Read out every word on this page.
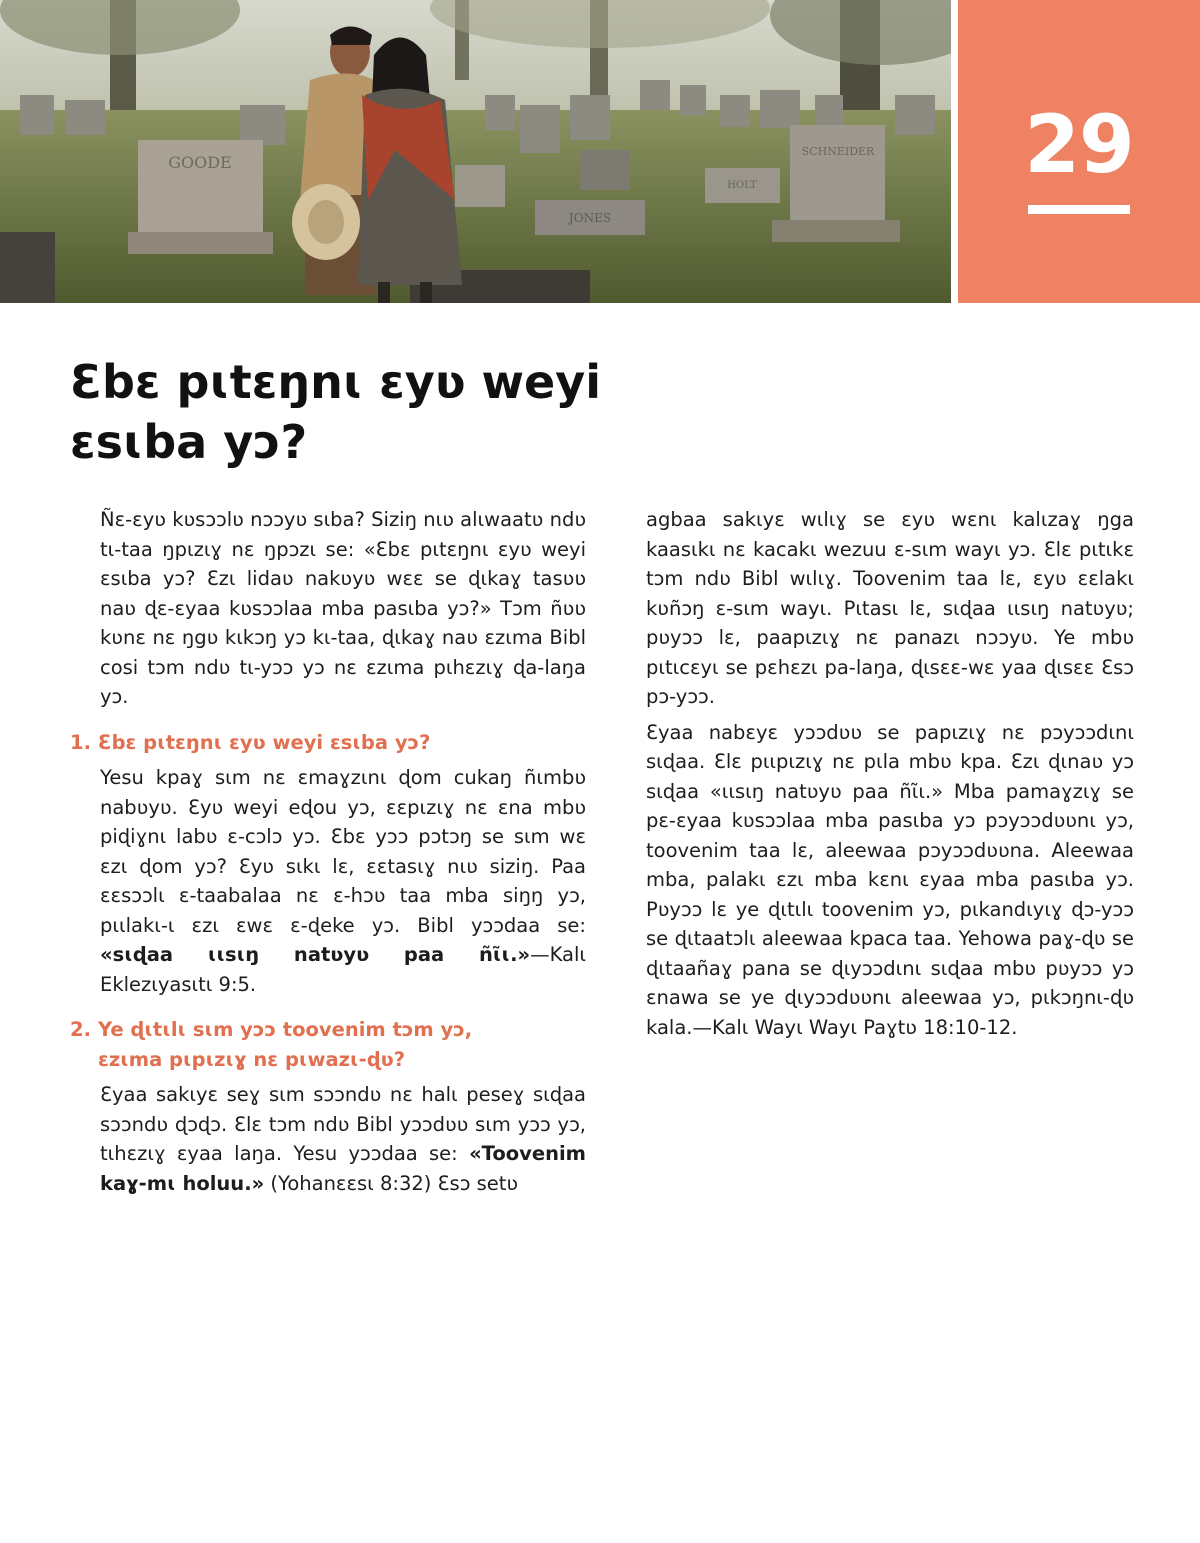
GOODE
SCHNEIDER
JONES
HOLT	29
Ɛbɛ pɩtɛŋnɩ ɛyʋ weyi ɛsɩba yɔ?

Ñɛ-ɛyʋ kʋsɔɔlʋ nɔɔyʋ sɩba? Siziŋ nɩʋ alɩwaatʋ ndʋ tɩ-taa ŋpɩzɩɣ nɛ ŋpɔzɩ se: «Ɛbɛ pɩtɛŋnɩ ɛyʋ weyi ɛsɩba yɔ? Ɛzɩ lidaʋ nakʋyʋ wɛɛ se ɖɩkaɣ tasʋʋ naʋ ɖɛ-ɛyaa kʋsɔɔlaa mba pasɩba yɔ?» Tɔm ñʋʋ kʋnɛ nɛ ŋgʋ kɩkɔŋ yɔ kɩ-taa, ɖɩkaɣ naʋ ɛzɩma Bibl cosi tɔm ndʋ tɩ-yɔɔ yɔ nɛ ɛzɩma pɩhɛzɩɣ ɖa-laŋa yɔ.

1. Ɛbɛ pɩtɛŋnɩ ɛyʋ weyi ɛsɩba yɔ?

Yesu kpaɣ sɩm nɛ ɛmaɣzɩnɩ ɖom cukaŋ ñɩmbʋ nabʋyʋ. Ɛyʋ weyi eɖou yɔ, ɛɛpɩzɩɣ nɛ ɛna mbʋ piɖiɣnɩ labʋ ɛ-cɔlɔ yɔ. Ɛbɛ yɔɔ pɔtɔŋ se sɩm wɛ ɛzɩ ɖom yɔ? Ɛyʋ sɩkɩ lɛ, ɛɛtasɩɣ nɩʋ siziŋ. Paa ɛɛsɔɔlɩ ɛ-taabalaa nɛ ɛ-hɔʋ taa mba siŋŋ yɔ, pɩɩlakɩ-ɩ ɛzɩ ɛwɛ ɛ-ɖeke yɔ. Bibl yɔɔdaa se: «sɩɖaa ɩɩsɩŋ natʋyʋ paa ñɩ̃ɩ.»—Kalɩ Eklezɩyasɩtɩ 9:5.

2. Ye ɖɩtɩlɩ sɩm yɔɔ toovenim tɔm yɔ, ɛzɩma pɩpɩzɩɣ nɛ pɩwazɩ-ɖʋ?

Ɛyaa sakɩyɛ seɣ sɩm sɔɔndʋ nɛ halɩ peseɣ sɩɖaa sɔɔndʋ ɖɔɖɔ. Ɛlɛ tɔm ndʋ Bibl yɔɔdʋʋ sɩm yɔɔ yɔ, tɩhɛzɩɣ ɛyaa laŋa. Yesu yɔɔdaa se: «Toovenim kaɣ-mɩ holuu.» (Yohanɛɛsɩ 8:32) Ɛsɔ setʋ

agbaa sakɩyɛ wɩlɩɣ se ɛyʋ wɛnɩ kalɩzaɣ ŋga kaasɩkɩ nɛ kacakɩ wezuu ɛ-sɩm wayɩ yɔ. Ɛlɛ pɩtɩkɛ tɔm ndʋ Bibl wɩlɩɣ. Toovenim taa lɛ, ɛyʋ ɛɛlakɩ kʋñɔŋ ɛ-sɩm wayɩ. Pɩtasɩ lɛ, sɩɖaa ɩɩsɩŋ natʋyʋ; pʋyɔɔ lɛ, paapɩzɩɣ nɛ panazɩ nɔɔyʋ. Ye mbʋ pɩtɩcɛyɩ se pɛhɛzɩ pa-laŋa, ɖɩsɛɛ-wɛ yaa ɖɩsɛɛ Ɛsɔ pɔ-yɔɔ.

Ɛyaa nabɛyɛ yɔɔdʋʋ se papɩzɩɣ nɛ pɔyɔɔdɩnɩ sɩɖaa. Ɛlɛ pɩɩpɩzɩɣ nɛ pɩla mbʋ kpa. Ɛzɩ ɖɩnaʋ yɔ sɩɖaa «ɩɩsɩŋ natʋyʋ paa ñɩ̃ɩ.» Mba pamaɣzɩɣ se pɛ-ɛyaa kʋsɔɔlaa mba pasɩba yɔ pɔyɔɔdʋʋnɩ yɔ, toovenim taa lɛ, aleewaa pɔyɔɔdʋʋna. Aleewaa mba, palakɩ ɛzɩ mba kɛnɩ ɛyaa mba pasɩba yɔ. Pʋyɔɔ lɛ ye ɖɩtɩlɩ toovenim yɔ, pɩkandɩyɩɣ ɖɔ-yɔɔ se ɖɩtaatɔlɩ aleewaa kpaca taa. Yehowa paɣ-ɖʋ se ɖɩtaañaɣ pana se ɖɩyɔɔdɩnɩ sɩɖaa mbʋ pʋyɔɔ yɔ ɛnawa se ye ɖɩyɔɔdʋʋnɩ aleewaa yɔ, pɩkɔŋnɩ-ɖʋ kala.—Kalɩ Wayɩ Wayɩ Paɣtʋ 18:10-12.
